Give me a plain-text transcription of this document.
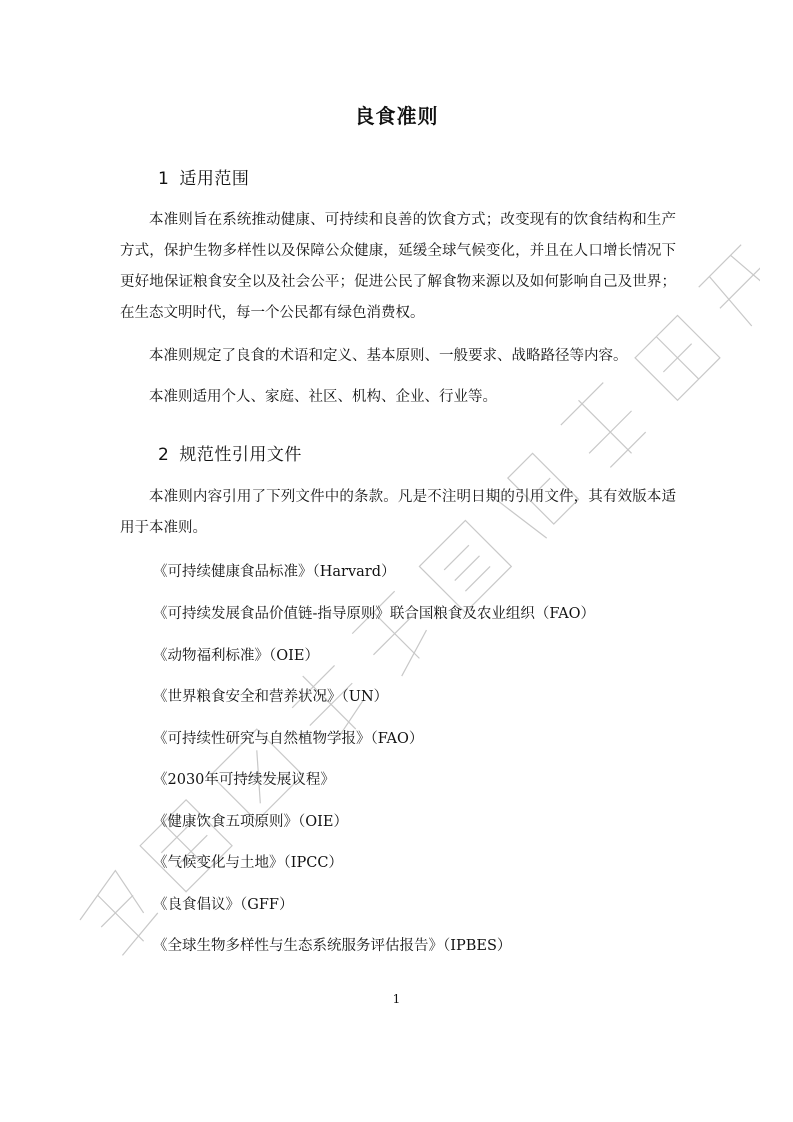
良食准则
1 适用范围

本准则旨在系统推动健康、可持续和良善的饮食方式；改变现有的饮食结构和生产方式，保护生物多样性以及保障公众健康，延缓全球气候变化，并且在人口增长情况下更好地保证粮食安全以及社会公平；促进公民了解食物来源以及如何影响自己及世界；在生态文明时代，每一个公民都有绿色消费权。

本准则规定了良食的术语和定义、基本原则、一般要求、战略路径等内容。

本准则适用个人、家庭、社区、机构、企业、行业等。

2 规范性引用文件

本准则内容引用了下列文件中的条款。凡是不注明日期的引用文件，其有效版本适用于本准则。

《可持续健康食品标准》（Harvard）
《可持续发展食品价值链-指导原则》联合国粮食及农业组织（FAO）
《动物福利标准》（OIE）
《世界粮食安全和营养状况》（UN）
《可持续性研究与自然植物学报》（FAO）
《2030年可持续发展议程》
《健康饮食五项原则》（OIE）
《气候变化与土地》（IPCC）
《良食倡议》（GFF）
《全球生物多样性与生态系统服务评估报告》（IPBES）
1
